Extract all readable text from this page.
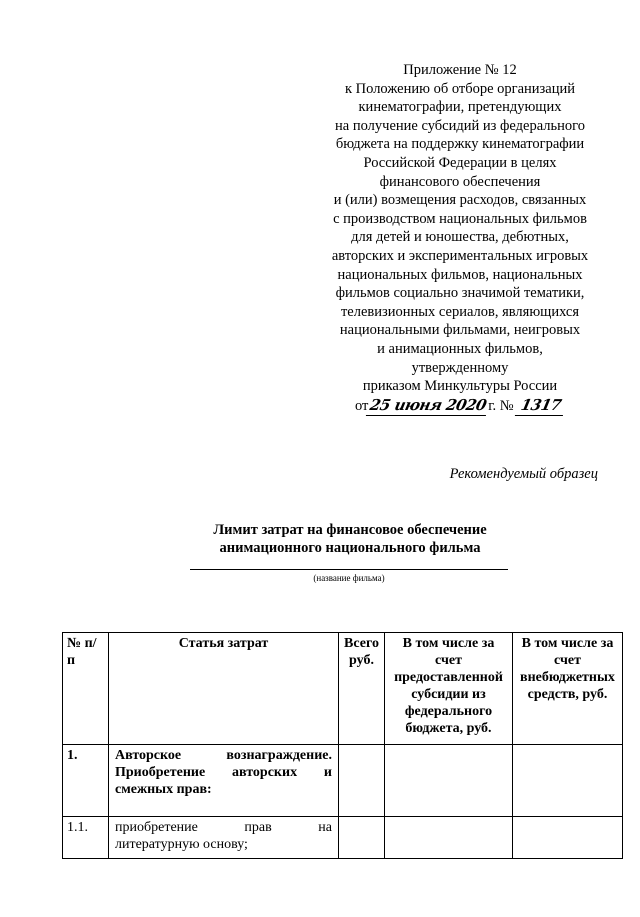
Приложение № 12
к Положению об отборе организаций
кинематографии, претендующих
на получение субсидий из федерального
бюджета на поддержку кинематографии
Российской Федерации в целях
финансового обеспечения
и (или) возмещения расходов, связанных
с производством национальных фильмов
для детей и юношества, дебютных,
авторских и экспериментальных игровых
национальных фильмов, национальных
фильмов социально значимой тематики,
телевизионных сериалов, являющихся
национальными фильмами, неигровых
и анимационных фильмов,
утвержденному
приказом Минкультуры России
от25 июня 2020г. № 1317
Рекомендуемый образец
Лимит затрат на финансовое обеспечение
анимационного национального фильма
(название фильма)
№ п/п	Статья затрат	Всего руб.	В том числе за счет предоставленной субсидии из федерального бюджета, руб.	В том числе за счет внебюджетных средств, руб.
1.	Авторское вознаграждение. Приобретение авторских и смежных прав:			
1.1.	приобретение прав на литературную основу;			
